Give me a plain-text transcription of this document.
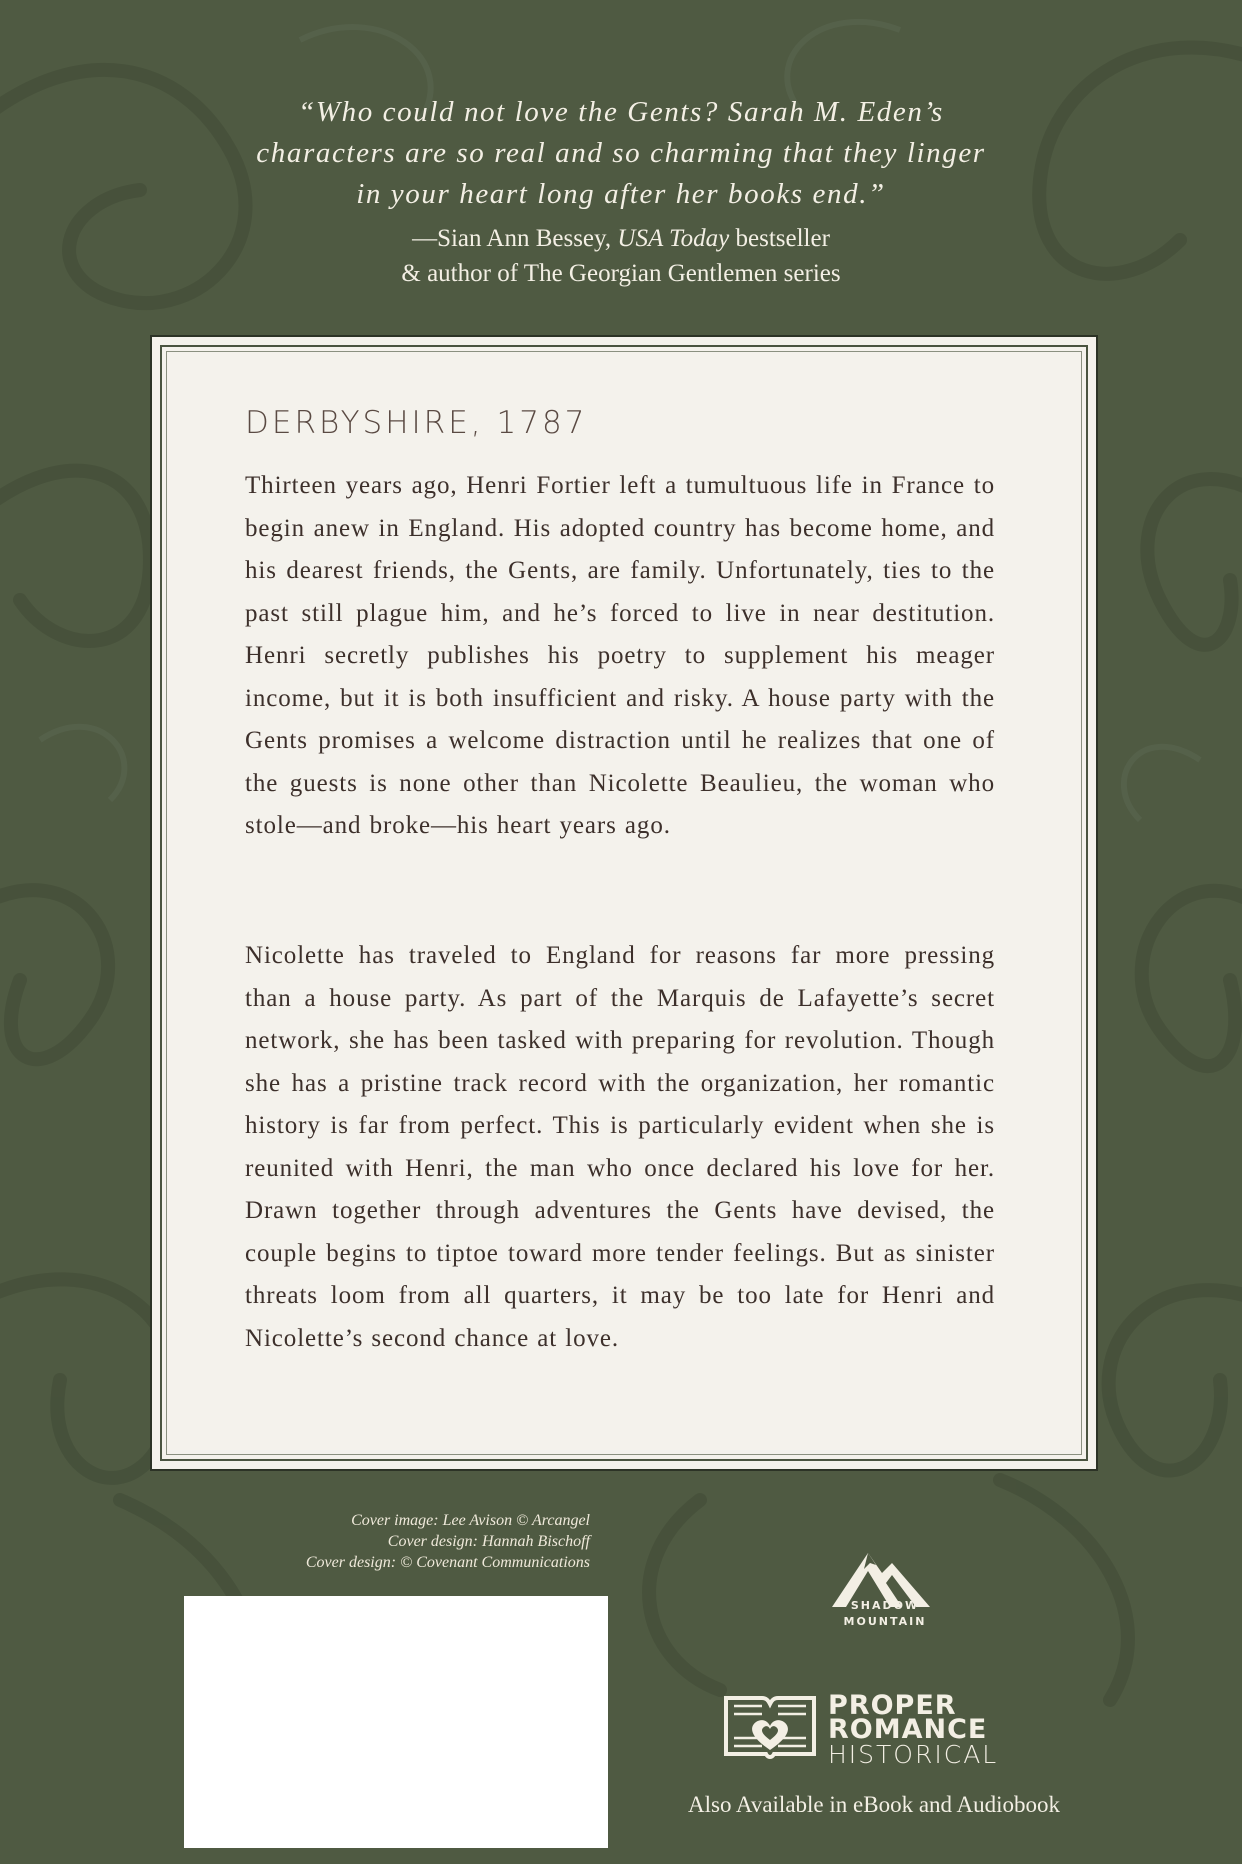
“Who could not love the Gents? Sarah M. Eden’s
characters are so real and so charming that they linger
in your heart long after her books end.”
—Sian Ann Bessey, USA Today bestseller
& author of The Georgian Gentlemen series
DERBYSHIRE, 1787
Thirteen years ago, Henri Fortier left a tumultuous life in France to begin anew in England. His adopted country has become home, and his dearest friends, the Gents, are family. Unfortunately, ties to the past still plague him, and he’s forced to live in near destitution. Henri secretly publishes his poetry to supplement his meager income, but it is both insufficient and risky. A house party with the Gents promises a welcome distraction until he realizes that one of the guests is none other than Nicolette Beaulieu, the woman who stole—and broke—his heart years ago.
Nicolette has traveled to England for reasons far more pressing than a house party. As part of the Marquis de Lafayette’s secret network, she has been tasked with preparing for revolution. Though she has a pristine track record with the organization, her romantic history is far from perfect. This is particularly evident when she is reunited with Henri, the man who once declared his love for her. Drawn together through adventures the Gents have devised, the couple begins to tiptoe toward more tender feelings. But as sinister threats loom from all quarters, it may be too late for Henri and Nicolette’s second chance at love.
Cover image: Lee Avison © Arcangel
Cover design: Hannah Bischoff
Cover design: © Covenant Communications
SHADOW
MOUNTAIN
PROPER
ROMANCE
HISTORICAL
Also Available in eBook and Audiobook
